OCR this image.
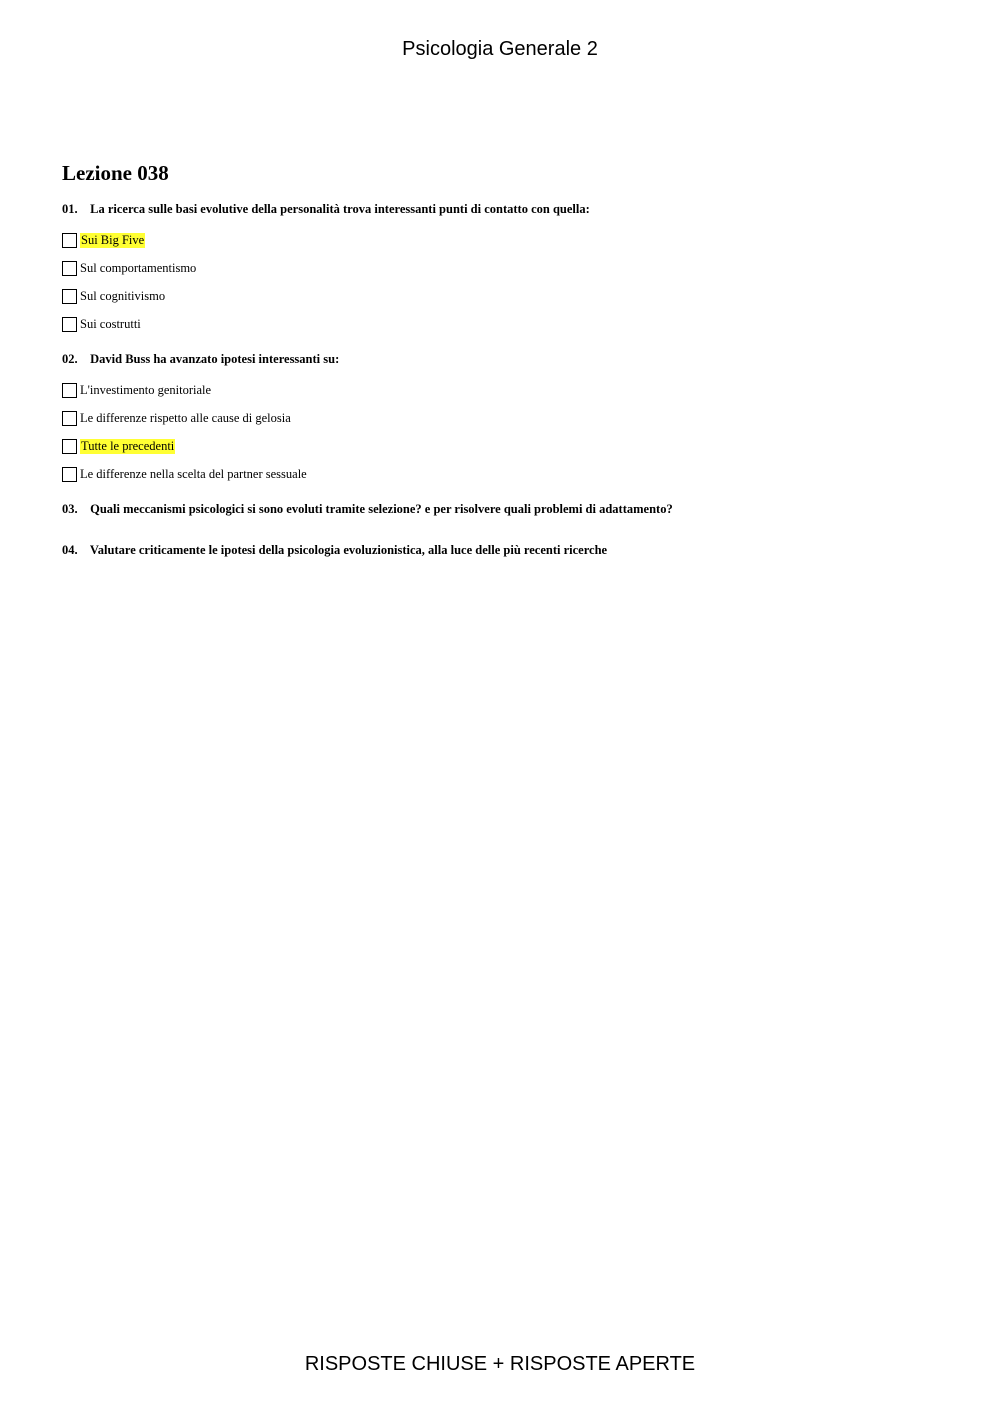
Psicologia Generale 2
Lezione 038
01. La ricerca sulle basi evolutive della personalità trova interessanti punti di contatto con quella:
Sui Big Five
Sul comportamentismo
Sul cognitivismo
Sui costrutti
02. David Buss ha avanzato ipotesi interessanti su:
L'investimento genitoriale
Le differenze rispetto alle cause di gelosia
Tutte le precedenti
Le differenze nella scelta del partner sessuale
03. Quali meccanismi psicologici si sono evoluti tramite selezione? e per risolvere quali problemi di adattamento?
04. Valutare criticamente le ipotesi della psicologia evoluzionistica, alla luce delle più recenti ricerche
RISPOSTE CHIUSE + RISPOSTE APERTE
